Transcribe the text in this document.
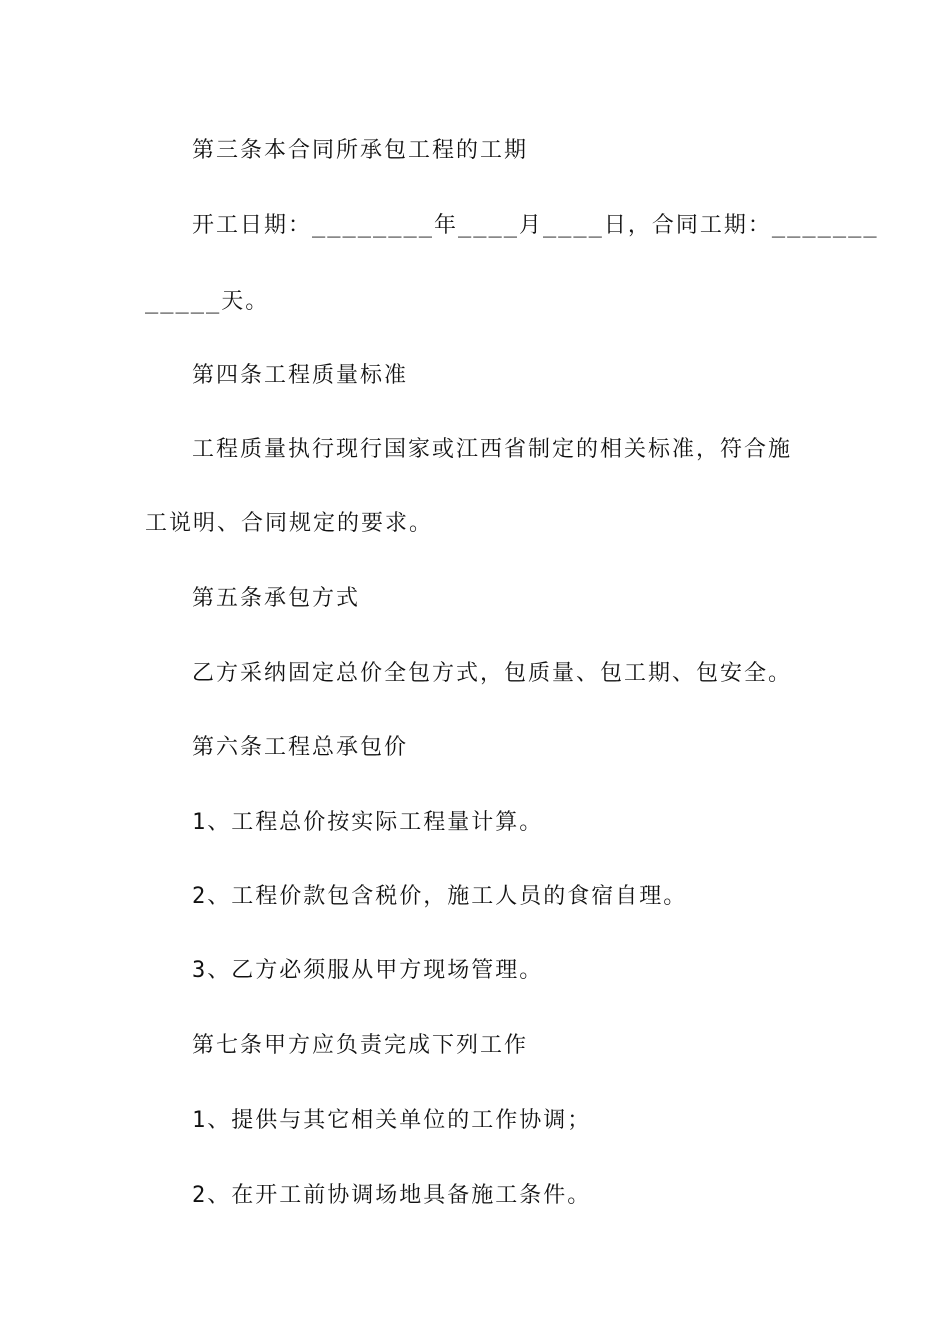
第三条本合同所承包工程的工期
开工日期：________年____月____日，合同工期：_______
_____天。
第四条工程质量标准
工程质量执行现行国家或江西省制定的相关标准，符合施
工说明、合同规定的要求。
第五条承包方式
乙方采纳固定总价全包方式，包质量、包工期、包安全。
第六条工程总承包价
1、工程总价按实际工程量计算。
2、工程价款包含税价，施工人员的食宿自理。
3、乙方必须服从甲方现场管理。
第七条甲方应负责完成下列工作
1、提供与其它相关单位的工作协调；
2、在开工前协调场地具备施工条件。
